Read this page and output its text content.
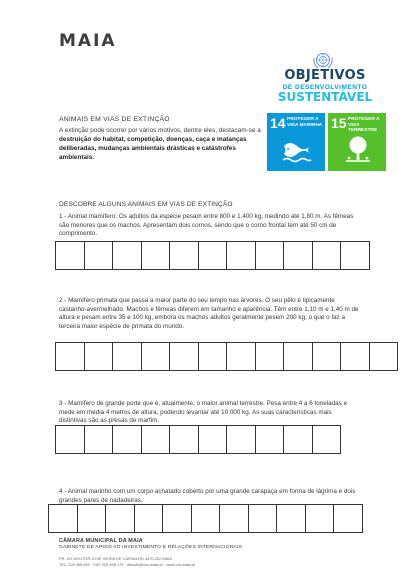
MAIA
OBJETIVOS
DE DESENVOLVIMENTO
SUSTENTÁVEL
14 PROTEGER A VIDA MARINHA 15 PROTEGER A VIDA TERRESTRE
ANIMAIS EM VIAS DE EXTINÇÃO
A extinção pode ocorrer por vários motivos, dentre eles, destacam-se a destruição do habitat, competição, doenças, caça e matanças deliberadas, mudanças ambientais drásticas e catástrofes ambientais.
DESCOBRE ALGUNS ANIMAIS EM VIAS DE EXTINÇÃO
1 - Animal mamífero. Os adultos da espécie pesam entre 800 e 1.400 kg, medindo até 1,80 m. As fêmeas são menores que os machos. Apresentam dois cornos, sendo que o corno frontal tem até 50 cm de comprimento.
2 - Mamífero primata que passa a maior parte do seu tempo nas árvores. O seu pêlo é tipicamente castanho-avermelhado. Machos e fêmeas diferem em tamanho e aparência. Têm entre 1,10 m e 1,40 m de altura e pesam entre 35 e 100 kg, embora os machos adultos geralmente pesem 200 kg, o que o faz a terceira maior espécie de primata do mundo.
3 - Mamífero de grande porte que é, atualmente, o maior animal terrestre. Pesa entre 4 a 6 toneladas e mede em média 4 metros de altura, podendo levantar até 10.000 kg. As suas características mais distintivas são as presas de marfim.
4 - Animal marinho com um corpo achatado coberto por uma grande carapaça em forma de lágrima e dois grandes pares de nadadeiras.
CÂMARA MUNICIPAL DA MAIA
GABINETE DE APOIO AO INVESTIMENTO E RELAÇÕES INTERNACIONAIS
PR. DO DOUTOR JOSÉ VIEIRA DE CARVALHO 4470-202 MAIA
TEL. 229 408 600 · FAX 229 498 170 · direção@cm-maia.pt · www.cm-maia.pt
